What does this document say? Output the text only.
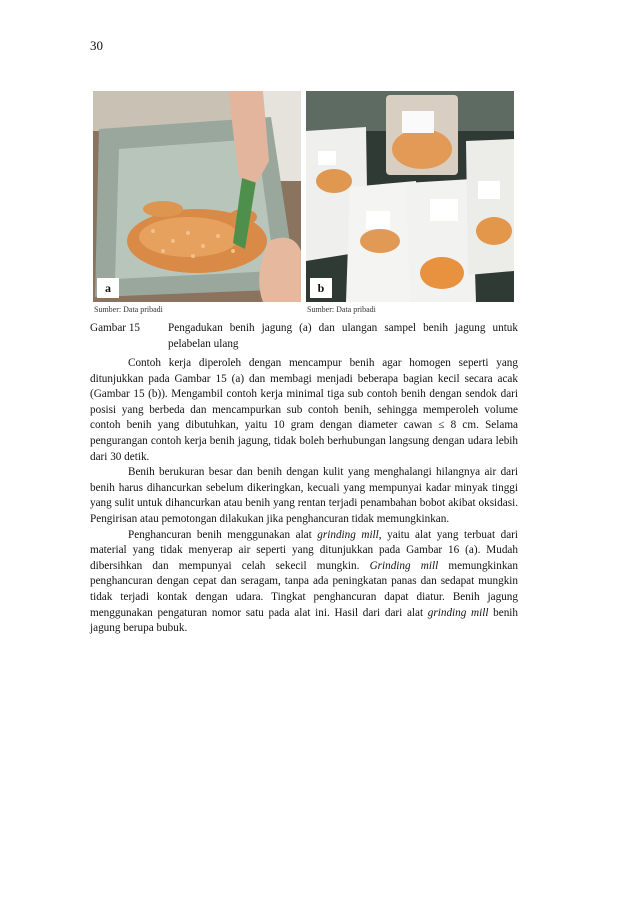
30
a	b
Sumber: Data pribadi	Sumber: Data pribadi
Gambar 15 Pengadukan benih jagung (a) dan ulangan sampel benih jagung untuk pelabelan ulang

Contoh kerja diperoleh dengan mencampur benih agar homogen seperti yang ditunjukkan pada Gambar 15 (a) dan membagi menjadi beberapa bagian kecil secara acak (Gambar 15 (b)). Mengambil contoh kerja minimal tiga sub contoh benih dengan sendok dari posisi yang berbeda dan mencampurkan sub contoh benih, sehingga memperoleh volume contoh benih yang dibutuhkan, yaitu 10 gram dengan diameter cawan ≤ 8 cm. Selama pengurangan contoh kerja benih jagung, tidak boleh berhubungan langsung dengan udara lebih dari 30 detik.

Benih berukuran besar dan benih dengan kulit yang menghalangi hilangnya air dari benih harus dihancurkan sebelum dikeringkan, kecuali yang mempunyai kadar minyak tinggi yang sulit untuk dihancurkan atau benih yang rentan terjadi penambahan bobot akibat oksidasi. Pengirisan atau pemotongan dilakukan jika penghancuran tidak memungkinkan.

Penghancuran benih menggunakan alat grinding mill, yaitu alat yang terbuat dari material yang tidak menyerap air seperti yang ditunjukkan pada Gambar 16 (a). Mudah dibersihkan dan mempunyai celah sekecil mungkin. Grinding mill memungkinkan penghancuran dengan cepat dan seragam, tanpa ada peningkatan panas dan sedapat mungkin tidak terjadi kontak dengan udara. Tingkat penghancuran dapat diatur. Benih jagung menggunakan pengaturan nomor satu pada alat ini. Hasil dari dari alat grinding mill benih jagung berupa bubuk.
